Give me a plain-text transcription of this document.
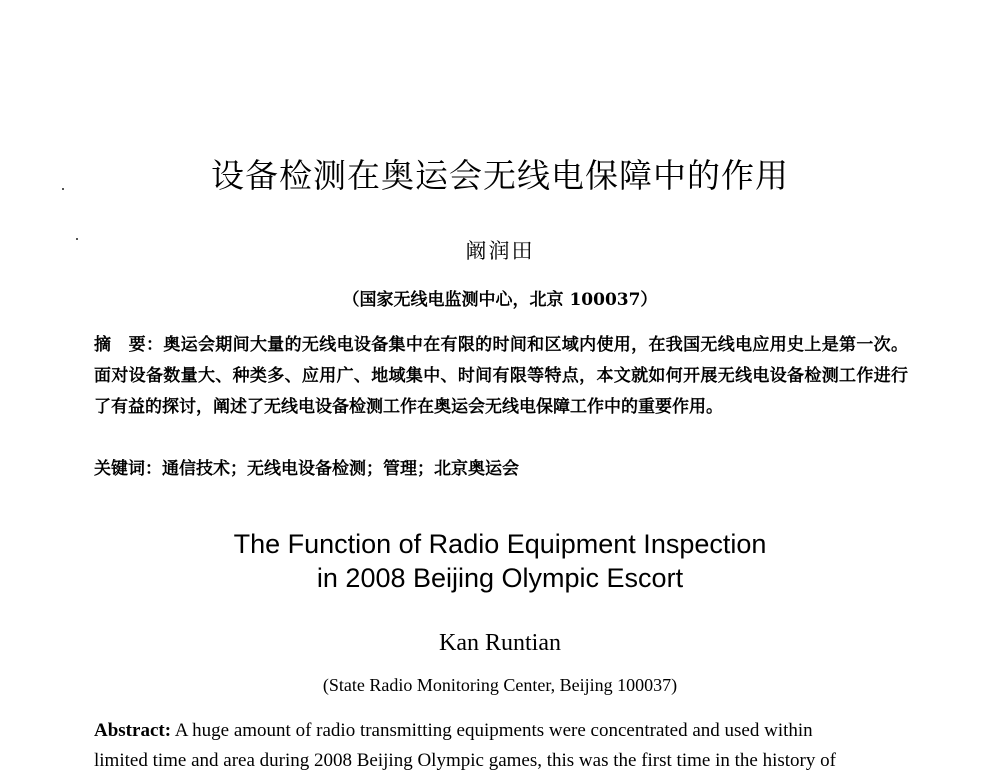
设备检测在奥运会无线电保障中的作用
阚润田
（国家无线电监测中心，北京 100037）
摘　要：奥运会期间大量的无线电设备集中在有限的时间和区域内使用，在我国无线电应用史上是第一次。面对设备数量大、种类多、应用广、地域集中、时间有限等特点，本文就如何开展无线电设备检测工作进行了有益的探讨，阐述了无线电设备检测工作在奥运会无线电保障工作中的重要作用。
关键词：通信技术；无线电设备检测；管理；北京奥运会
The Function of Radio Equipment Inspection
in 2008 Beijing Olympic Escort
Kan Runtian
(State Radio Monitoring Center, Beijing 100037)
Abstract: A huge amount of radio transmitting equipments were concentrated and used within
limited time and area during 2008 Beijing Olympic games, this was the first time in the history of
